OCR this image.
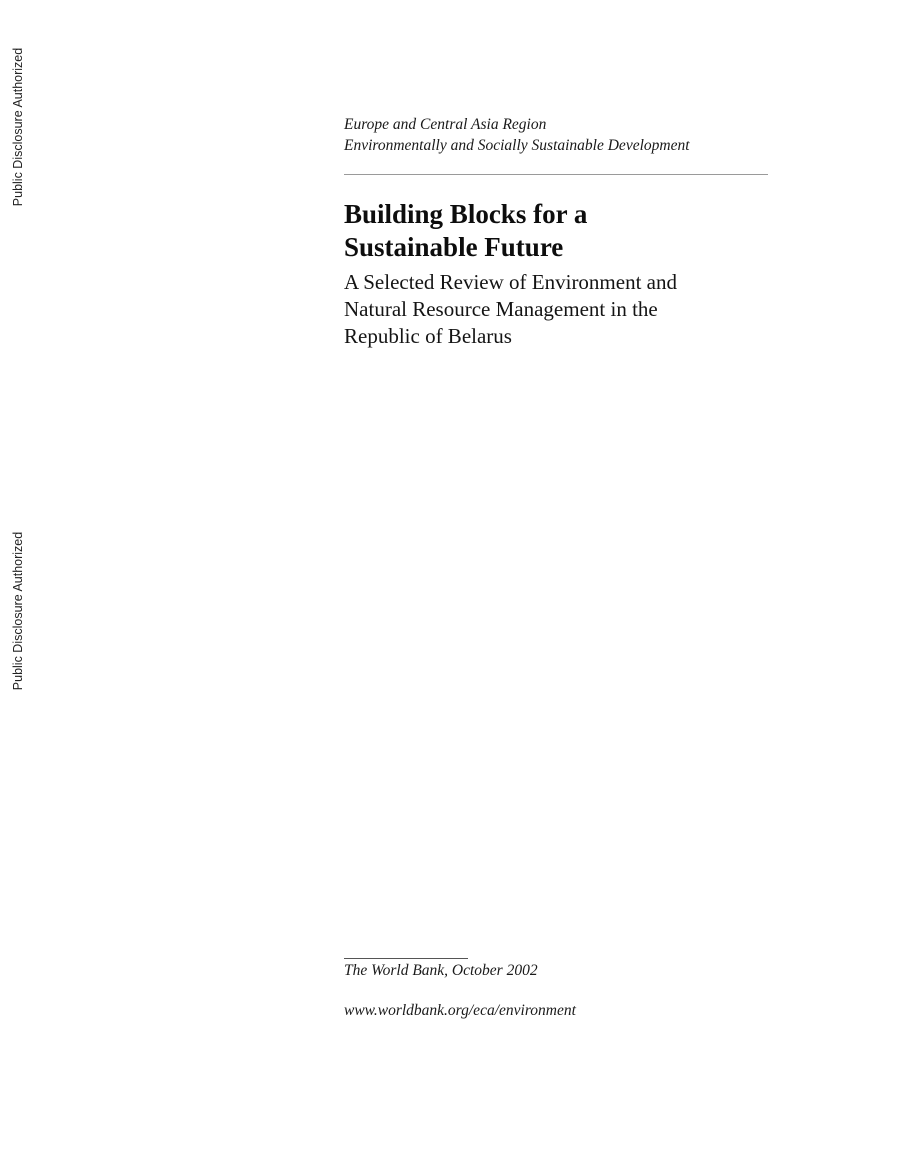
Public Disclosure Authorized
Public Disclosure Authorized
Europe and Central Asia Region
Environmentally and Socially Sustainable Development
Building Blocks for a
Sustainable Future
A Selected Review of Environment and
Natural Resource Management in the
Republic of Belarus
The World Bank, October 2002
www.worldbank.org/eca/environment
